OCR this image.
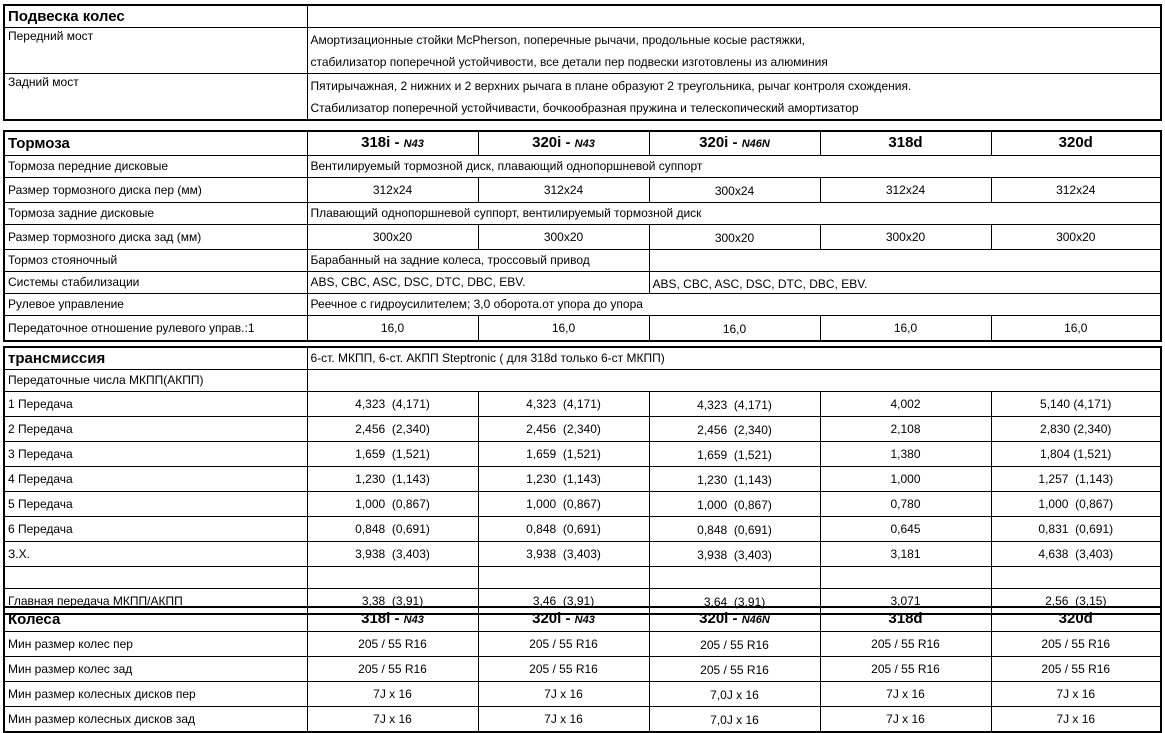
Подвеска колес	
Передний мост	Амортизационные стойки McPherson, поперечные рычачи, продольные косые растяжки,
стабилизатор поперечной устойчивости, все детали пер подвески изготовлены из алюминия

Задний мост	Пятирычажная, 2 нижних и 2 верхних рычага в плане образуют 2 треугольника, рычаг контроля схождения.
Стабилизатор поперечной устойчивасти, бочкообразная пружина и телескопический амортизатор
Тормоза	318i - N43	320i - N43	320i - N46N	318d	320d
Тормоза передние дисковые	Вентилируемый тормозной диск, плавающий однопоршневой суппорт				
Размер тормозного диска пер (мм)	312x24	312x24	300x24	312x24	312x24
Тормоза задние дисковые	Плавающий однопоршневой суппорт, вентилируемый тормозной диск				
Размер тормозного диска зад (мм)	300x20	300x20	300x20	300x20	300x20
Тормоз стояночный	Барабанный на задние колеса, троссовый привод				
Системы стабилизации	ABS, CBC, ASC, DSC, DTC, DBC, EBV.		ABS, CBC, ASC, DSC, DTC, DBC, EBV.		
Рулевое управление	Реечное с гидроусилителем; 3,0 оборота.от упора до упора				
Передаточное отношение рулевого управ.:1	16,0	16,0	16,0	16,0	16,0
трансмиссия	6-ст. МКПП, 6-ст. АКПП Steptronic ( для 318d только 6-ст МКПП)				
Передаточные числа МКПП(АКПП)					
1 Передача	4,323  (4,171)	4,323  (4,171)	4,323  (4,171)	4,002	5,140 (4,171)
2 Передача	2,456  (2,340)	2,456  (2,340)	2,456  (2,340)	2,108	2,830 (2,340)
3 Передача	1,659  (1,521)	1,659  (1,521)	1,659  (1,521)	1,380	1,804 (1,521)
4 Передача	1,230  (1,143)	1,230  (1,143)	1,230  (1,143)	1,000	1,257  (1,143)
5 Передача	1,000  (0,867)	1,000  (0,867)	1,000  (0,867)	0,780	1,000  (0,867)
6 Передача	0,848  (0,691)	0,848  (0,691)	0,848  (0,691)	0,645	0,831  (0,691)
З.Х.	3,938  (3,403)	3,938  (3,403)	3,938  (3,403)	3,181	4,638  (3,403)

Главная передача МКПП/АКПП	3,38  (3,91)	3,46  (3,91)	3,64  (3,91)	3,071	2,56  (3,15)
Колеса	318i - N43	320i - N43	320i - N46N	318d	320d
Мин размер колес пер	205 / 55 R16	205 / 55 R16	205 / 55 R16	205 / 55 R16	205 / 55 R16
Мин размер колес зад	205 / 55 R16	205 / 55 R16	205 / 55 R16	205 / 55 R16	205 / 55 R16
Мин размер колесных дисков пер	7J x 16	7J x 16	7,0J x 16	7J x 16	7J x 16
Мин размер колесных дисков зад	7J x 16	7J x 16	7,0J x 16	7J x 16	7J x 16
